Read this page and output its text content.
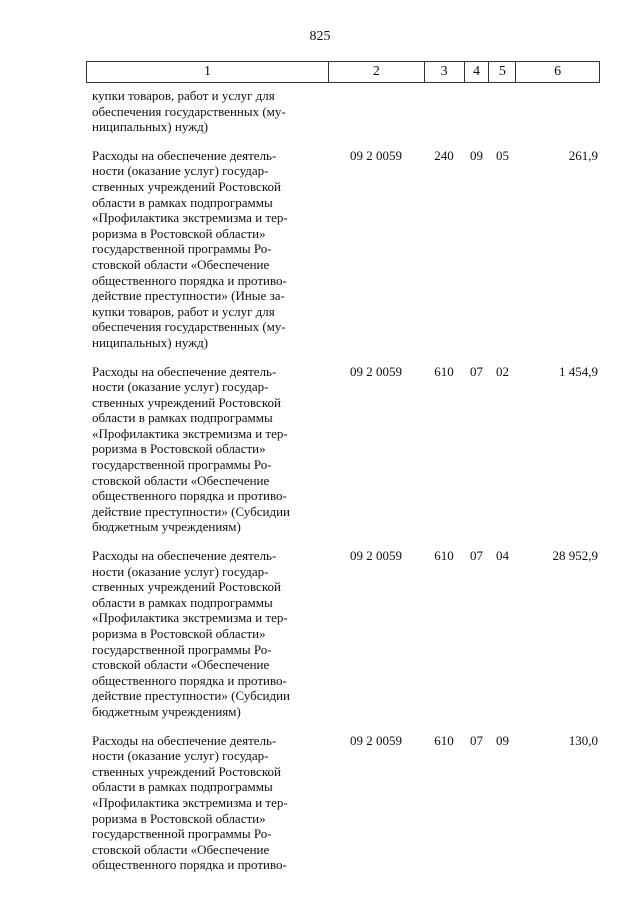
825
1	2	3	4	5	6
купки товаров, работ и услуг для
обеспечения государственных (му-
ниципальных) нужд)
Расходы на обеспечение деятель-
ности (оказание услуг) государ-
ственных учреждений Ростовской
области в рамках подпрограммы
«Профилактика экстремизма и тер-
роризма в Ростовской области»
государственной программы Ро-
стовской области «Обеспечение
общественного порядка и противо-
действие преступности» (Иные за-
купки товаров, работ и услуг для
обеспечения государственных (му-
ниципальных) нужд)
09 2 0059	240	09	05	261,9
Расходы на обеспечение деятель-
ности (оказание услуг) государ-
ственных учреждений Ростовской
области в рамках подпрограммы
«Профилактика экстремизма и тер-
роризма в Ростовской области»
государственной программы Ро-
стовской области «Обеспечение
общественного порядка и противо-
действие преступности» (Субсидии
бюджетным учреждениям)
09 2 0059	610	07	02	1 454,9
Расходы на обеспечение деятель-
ности (оказание услуг) государ-
ственных учреждений Ростовской
области в рамках подпрограммы
«Профилактика экстремизма и тер-
роризма в Ростовской области»
государственной программы Ро-
стовской области «Обеспечение
общественного порядка и противо-
действие преступности» (Субсидии
бюджетным учреждениям)
09 2 0059	610	07	04	28 952,9
Расходы на обеспечение деятель-
ности (оказание услуг) государ-
ственных учреждений Ростовской
области в рамках подпрограммы
«Профилактика экстремизма и тер-
роризма в Ростовской области»
государственной программы Ро-
стовской области «Обеспечение
общественного порядка и противо-
09 2 0059	610	07	09	130,0
